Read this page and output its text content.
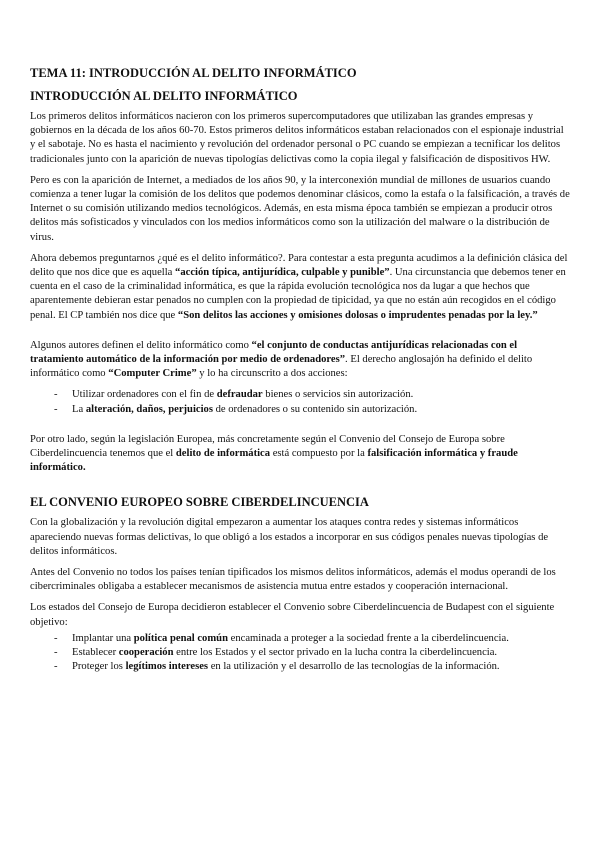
TEMA 11: INTRODUCCIÓN AL DELITO INFORMÁTICO
INTRODUCCIÓN AL DELITO INFORMÁTICO

Los primeros delitos informáticos nacieron con los primeros supercomputadores que utilizaban las grandes empresas y gobiernos en la década de los años 60-70. Estos primeros delitos informáticos estaban relacionados con el espionaje industrial y el sabotaje. No es hasta el nacimiento y revolución del ordenador personal o PC cuando se empiezan a tecnificar los delitos tradicionales junto con la aparición de nuevas tipologías delictivas como la copia ilegal y falsificación de dispositivos HW.

Pero es con la aparición de Internet, a mediados de los años 90, y la interconexión mundial de millones de usuarios cuando comienza a tener lugar la comisión de los delitos que podemos denominar clásicos, como la estafa o la falsificación, a través de Internet o su comisión utilizando medios tecnológicos. Además, en esta misma época también se empiezan a producir otros delitos más sofisticados y vinculados con los medios informáticos como son la utilización del malware o la distribución de virus.

Ahora debemos preguntarnos ¿qué es el delito informático?. Para contestar a esta pregunta acudimos a la definición clásica del delito que nos dice que es aquella “acción típica, antijurídica, culpable y punible”. Una circunstancia que debemos tener en cuenta en el caso de la criminalidad informática, es que la rápida evolución tecnológica nos da lugar a que hechos que aparentemente debieran estar penados no cumplen con la propiedad de tipicidad, ya que no están aún recogidos en el código penal. El CP también nos dice que “Son delitos las acciones y omisiones dolosas o imprudentes penadas por la ley.”

Algunos autores definen el delito informático como “el conjunto de conductas antijurídicas relacionadas con el tratamiento automático de la información por medio de ordenadores”. El derecho anglosajón ha definido el delito informático como “Computer Crime” y lo ha circunscrito a dos acciones:

- Utilizar ordenadores con el fin de defraudar bienes o servicios sin autorización.
- La alteración, daños, perjuicios de ordenadores o su contenido sin autorización.

Por otro lado, según la legislación Europea, más concretamente según el Convenio del Consejo de Europa sobre Ciberdelincuencia tenemos que el delito de informática está compuesto por la falsificación informática y fraude informático.

EL CONVENIO EUROPEO SOBRE CIBERDELINCUENCIA

Con la globalización y la revolución digital empezaron a aumentar los ataques contra redes y sistemas informáticos apareciendo nuevas formas delictivas, lo que obligó a los estados a incorporar en sus códigos penales nuevas tipologías de delitos informáticos.

Antes del Convenio no todos los países tenían tipificados los mismos delitos informáticos, además el modus operandi de los cibercriminales obligaba a establecer mecanismos de asistencia mutua entre estados y cooperación internacional.

Los estados del Consejo de Europa decidieron establecer el Convenio sobre Ciberdelincuencia de Budapest con el siguiente objetivo:

- Implantar una política penal común encaminada a proteger a la sociedad frente a la ciberdelincuencia.
- Establecer cooperación entre los Estados y el sector privado en la lucha contra la ciberdelincuencia.
- Proteger los legítimos intereses en la utilización y el desarrollo de las tecnologías de la información.
